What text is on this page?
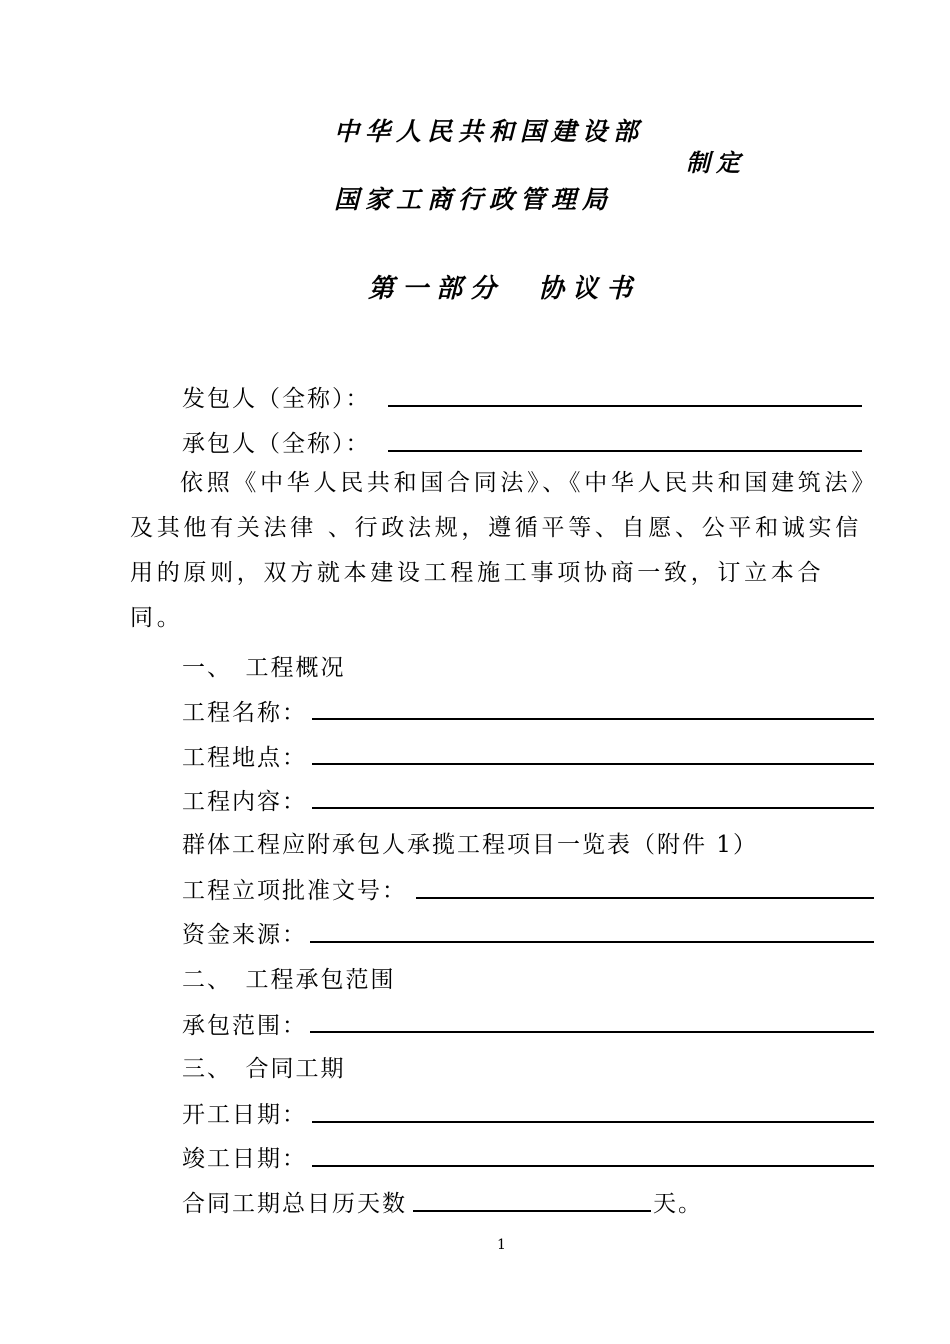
中华人民共和国建设部
制定
国家工商行政管理局
第一部分　协议书
发包人（全称）：
承包人（全称）：
依照《中华人民共和国合同法》、《中华人民共和国建筑法》及其他有关法律 、行政法规，遵循平等、自愿、公平和诚实信用的原则，双方就本建设工程施工事项协商一致，订立本合同。
一、　工程概况
工程名称：
工程地点：
工程内容：
群体工程应附承包人承揽工程项目一览表（附件 1）
工程立项批准文号：
资金来源：
二、　工程承包范围
承包范围：
三、　合同工期
开工日期：
竣工日期：
合同工期总日历天数	天。
1
